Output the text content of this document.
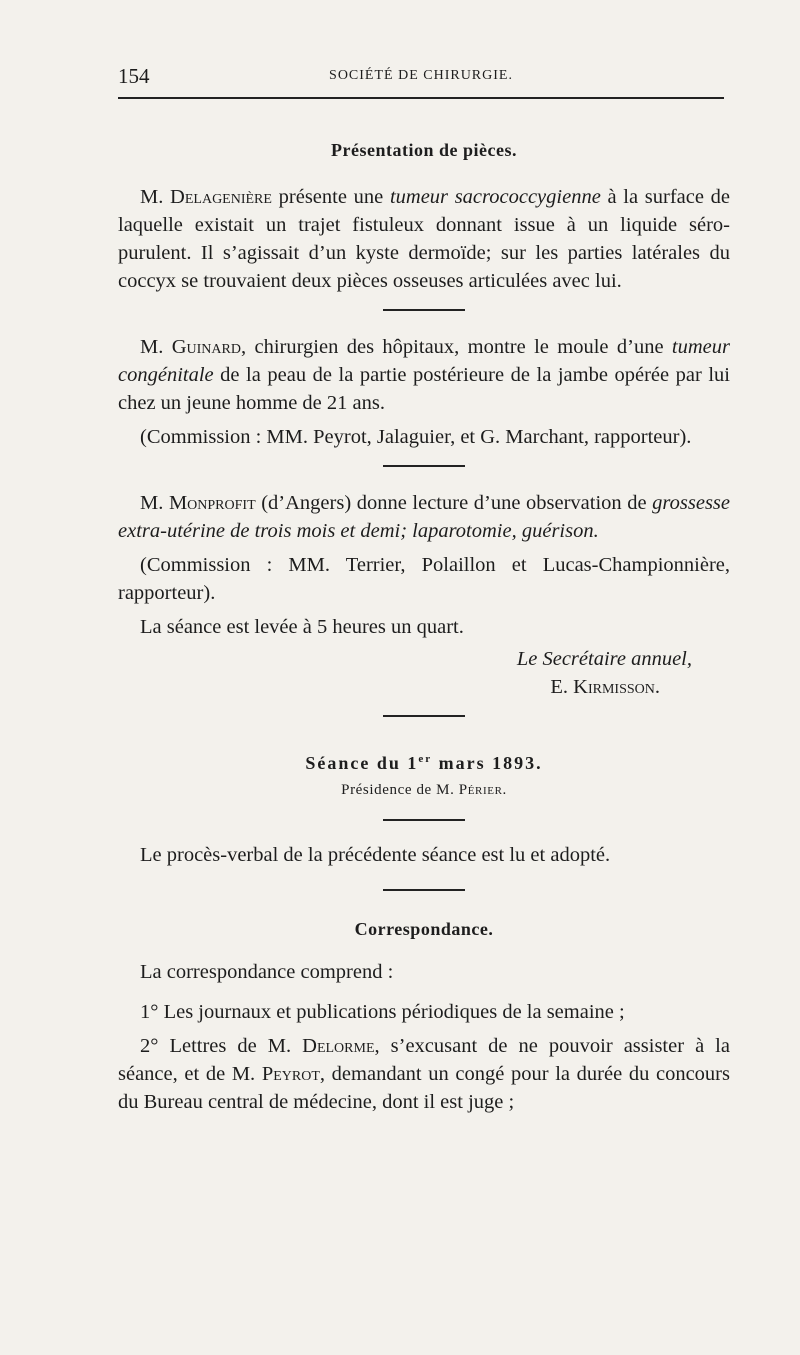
154	SOCIÉTÉ DE CHIRURGIE.
Présentation de pièces.

M. Delagenière présente une tumeur sacrococcygienne à la surface de laquelle existait un trajet fistuleux donnant issue à un liquide séro-purulent. Il s’agissait d’un kyste dermoïde; sur les parties latérales du coccyx se trouvaient deux pièces osseuses articulées avec lui.

M. Guinard, chirurgien des hôpitaux, montre le moule d’une tumeur congénitale de la peau de la partie postérieure de la jambe opérée par lui chez un jeune homme de 21 ans.

(Commission : MM. Peyrot, Jalaguier, et G. Marchant, rapporteur).

M. Monprofit (d’Angers) donne lecture d’une observation de grossesse extra-utérine de trois mois et demi; laparotomie, guérison.

(Commission : MM. Terrier, Polaillon et Lucas-Championnière, rapporteur).

La séance est levée à 5 heures un quart.

Le Secrétaire annuel,

E. Kirmisson.

Séance du 1er mars 1893.
Présidence de M. Périer.

Le procès-verbal de la précédente séance est lu et adopté.

Correspondance.

La correspondance comprend :

1° Les journaux et publications périodiques de la semaine ;

2° Lettres de M. Delorme, s’excusant de ne pouvoir assister à la séance, et de M. Peyrot, demandant un congé pour la durée du concours du Bureau central de médecine, dont il est juge ;
